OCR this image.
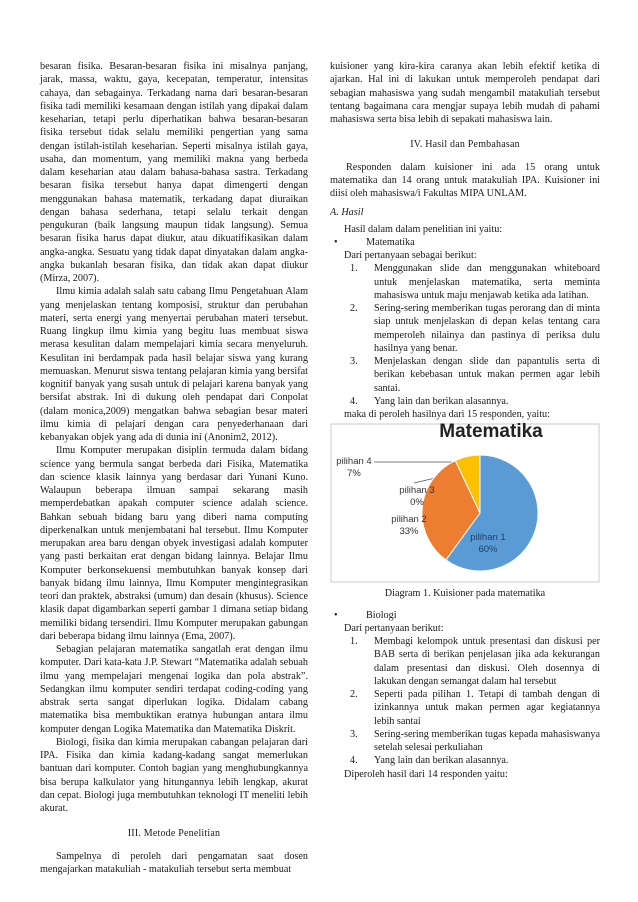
besaran fisika. Besaran-besaran fisika ini misalnya panjang, jarak, massa, waktu, gaya, kecepatan, temperatur, intensitas cahaya, dan sebagainya. Terkadang nama dari besaran-besaran fisika tadi memiliki kesamaan dengan istilah yang dipakai dalam keseharian, tetapi perlu diperhatikan bahwa besaran-besaran fisika tersebut tidak selalu memiliki pengertian yang sama dengan istilah-istilah keseharian. Seperti misalnya istilah gaya, usaha, dan momentum, yang memiliki makna yang berbeda dalam keseharian atau dalam bahasa-bahasa sastra. Terkadang besaran fisika tersebut hanya dapat dimengerti dengan menggunakan bahasa matematik, terkadang dapat diuraikan dengan bahasa sederhana, tetapi selalu terkait dengan pengukuran (baik langsung maupun tidak langsung). Semua besaran fisika harus dapat diukur, atau dikuatifikasikan dalam angka-angka. Sesuatu yang tidak dapat dinyatakan dalam angka-angka bukanlah besaran fisika, dan tidak akan dapat diukur (Mirza, 2007).

Ilmu kimia adalah salah satu cabang Ilmu Pengetahuan Alam yang menjelaskan tentang komposisi, struktur dan perubahan materi, serta energi yang menyertai perubahan materi tersebut. Ruang lingkup ilmu kimia yang begitu luas membuat siswa merasa kesulitan dalam mempelajari kimia secara menyeluruh. Kesulitan ini berdampak pada hasil belajar siswa yang kurang memuaskan. Menurut siswa tentang pelajaran kimia yang bersifat kognitif banyak yang susah untuk di pelajari karena banyak yang bersifat abstrak. Ini di dukung oleh pendapat dari Conpolat (dalam monica,2009) mengatkan bahwa sebagian besar materi ilmu kimia di pelajari dengan cara penyederhanaan dari kebanyakan objek yang ada di dunia ini (Anonim2, 2012).

Ilmu Komputer merupakan disiplin termuda dalam bidang science yang bermula sangat berbeda dari Fisika, Matematika dan science klasik lainnya yang berdasar dari Yunani Kuno. Walaupun beberapa ilmuan sampai sekarang masih memperdebatkan apakah computer science adalah science. Bahkan sebuah bidang baru yang diberi nama computing diperkenalkan untuk menjembatani hal tersebut. Ilmu Komputer merupakan area baru dengan obyek investigasi adalah komputer yang pasti berkaitan erat dengan bidang lainnya. Belajar Ilmu Komputer berkonsekuensi membutuhkan banyak konsep dari banyak bidang ilmu lainnya, Ilmu Komputer mengintegrasikan teori dan praktek, abstraksi (umum) dan desain (khusus). Science klasik dapat digambarkan seperti gambar 1 dimana setiap bidang memiliki bidang tersendiri. Ilmu Komputer merupakan gabungan dari beberapa bidang ilmu lainnya (Ema, 2007).

Sebagian pelajaran matematika sangatlah erat dengan ilmu komputer. Dari kata-kata J.P. Stewart “Matematika adalah sebuah ilmu yang mempelajari mengenai logika dan pola abstrak”. Sedangkan ilmu komputer sendiri terdapat coding-coding yang abstrak serta sangat diperlukan logika. Didalam cabang matematika bisa membuktikan eratnya hubungan antara ilmu komputer dengan Logika Matematika dan Matematika Diskrit.

Biologi, fisika dan kimia merupakan cabangan pelajaran dari IPA. Fisika dan kimia kadang-kadang sangat memerlukan bantuan dari komputer. Contoh bagian yang menghubungkannya bisa berupa kalkulator yang hitungannya lebih lengkap, akurat dan cepat. Biologi juga membutuhkan teknologi IT meneliti lebih akurat.

III. Metode Penelitian

Sampelnya di peroleh dari pengamatan saat dosen mengajarkan matakuliah - matakuliah tersebut serta membuat

kuisioner yang kira-kira caranya akan lebih efektif ketika di ajarkan. Hal ini di lakukan untuk memperoleh pendapat dari sebagian mahasiswa yang sudah mengambil matakuliah tersebut tentang bagaimana cara mengjar supaya lebih mudah di pahami mahasiswa serta bisa lebih di sepakati mahasiswa lain.

IV. Hasil dan Pembahasan

Responden dalam kuisioner ini ada 15 orang untuk matematika dan 14 orang untuk matakuliah IPA. Kuisioner ini diisi oleh mahasiswa/i Fakultas MIPA UNLAM.

A. Hasil

Hasil dalam dalam penelitian ini yaitu:

•	Matematika

Dari pertanyaan sebagai berikut:

1. Menggunakan slide dan menggunakan whiteboard untuk menjelaskan matematika, serta meminta mahasiswa untuk maju menjawab ketika ada latihan.
2. Sering-sering memberikan tugas perorang dan di minta siap untuk menjelaskan di depan kelas tentang cara memperoleh nilainya dan pastinya di periksa dulu hasilnya yang benar.
3. Menjelaskan dengan slide dan papantulis serta di berikan kebebasan untuk makan permen agar lebih santai.
4. Yang lain dan berikan alasannya.

maka di peroleh hasilnya dari 15 responden, yaitu:

Matematika
pilihan 4
7%
pilihan 3
0%
pilihan 2
33%
pilihan 1
60%

Diagram 1. Kuisioner pada matematika

•	Biologi

Dari pertanyaan berikut:

1. Membagi kelompok untuk presentasi dan diskusi per BAB serta di berikan penjelasan jika ada kekurangan dalam presentasi dan diskusi. Oleh dosennya di lakukan dengan semangat dalam hal tersebut
2. Seperti pada pilihan 1. Tetapi di tambah dengan di izinkannya untuk makan permen agar kegiatannya lebih santai
3. Sering-sering memberikan tugas kepada mahasiswanya setelah selesai perkuliahan
4. Yang lain dan berikan alasannya.

Diperoleh hasil dari 14 responden yaitu:
